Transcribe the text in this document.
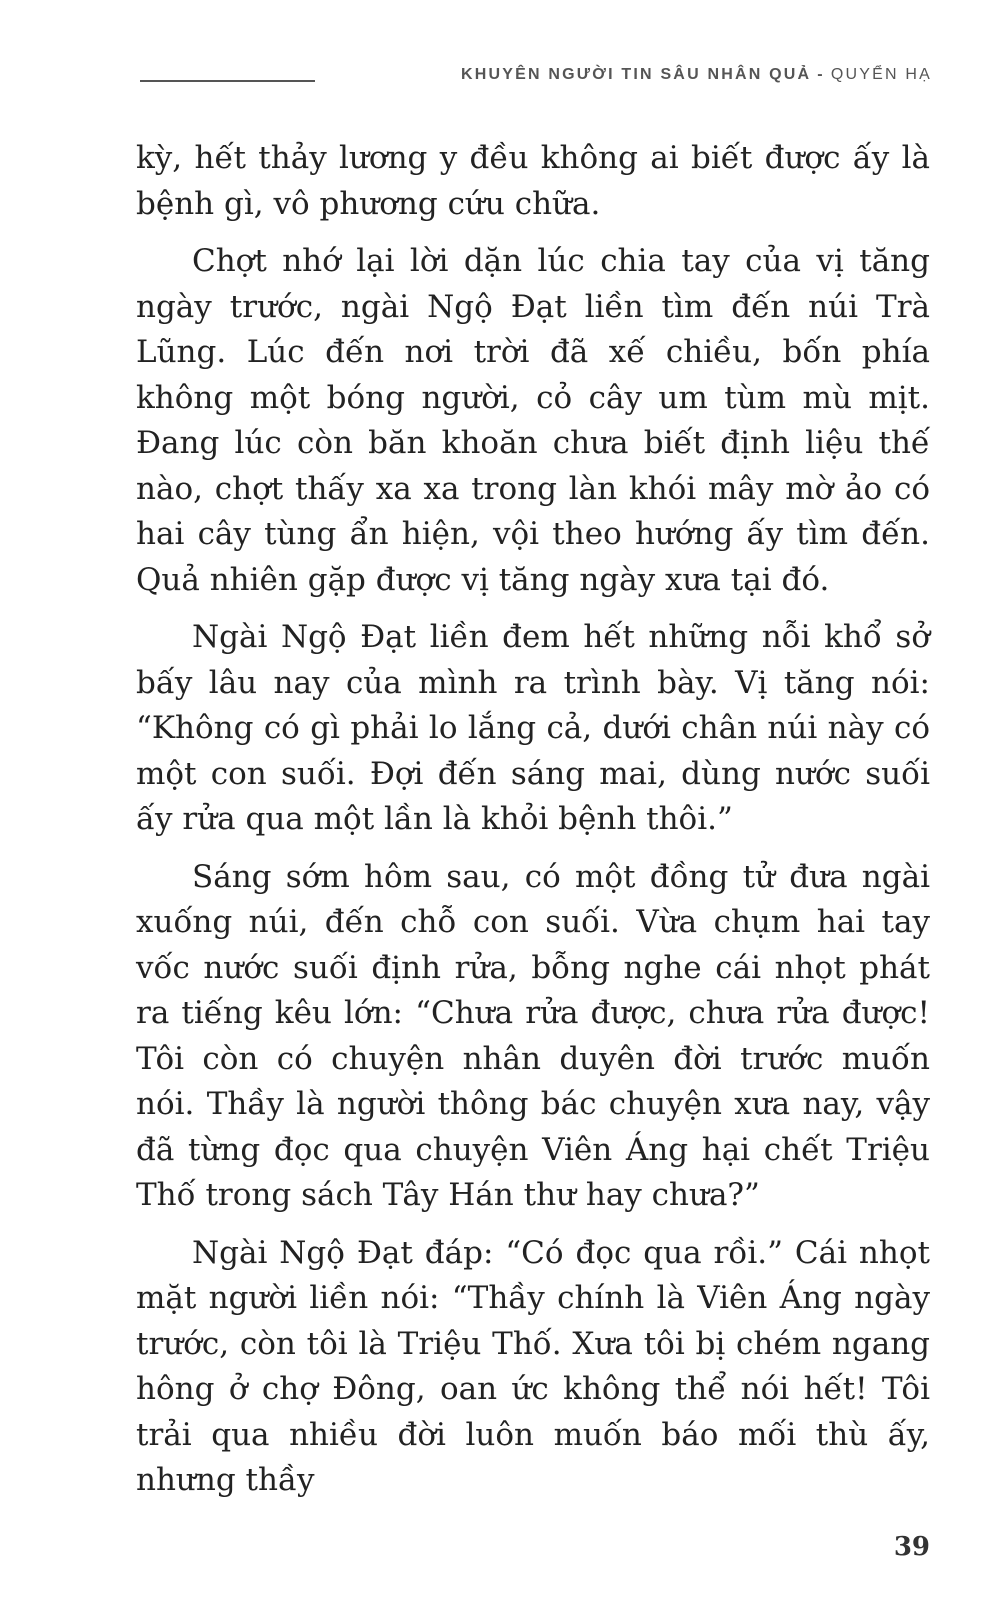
KHUYÊN NGƯỜI TIN SÂU NHÂN QUẢ - QUYỂN HẠ

kỳ, hết thảy lương y đều không ai biết được ấy là bệnh gì, vô phương cứu chữa.

Chợt nhớ lại lời dặn lúc chia tay của vị tăng ngày trước, ngài Ngộ Đạt liền tìm đến núi Trà Lũng. Lúc đến nơi trời đã xế chiều, bốn phía không một bóng người, cỏ cây um tùm mù mịt. Đang lúc còn băn khoăn chưa biết định liệu thế nào, chợt thấy xa xa trong làn khói mây mờ ảo có hai cây tùng ẩn hiện, vội theo hướng ấy tìm đến. Quả nhiên gặp được vị tăng ngày xưa tại đó.

Ngài Ngộ Đạt liền đem hết những nỗi khổ sở bấy lâu nay của mình ra trình bày. Vị tăng nói: “Không có gì phải lo lắng cả, dưới chân núi này có một con suối. Đợi đến sáng mai, dùng nước suối ấy rửa qua một lần là khỏi bệnh thôi.”

Sáng sớm hôm sau, có một đồng tử đưa ngài xuống núi, đến chỗ con suối. Vừa chụm hai tay vốc nước suối định rửa, bỗng nghe cái nhọt phát ra tiếng kêu lớn: “Chưa rửa được, chưa rửa được! Tôi còn có chuyện nhân duyên đời trước muốn nói. Thầy là người thông bác chuyện xưa nay, vậy đã từng đọc qua chuyện Viên Áng hại chết Triệu Thố trong sách Tây Hán thư hay chưa?”

Ngài Ngộ Đạt đáp: “Có đọc qua rồi.” Cái nhọt mặt người liền nói: “Thầy chính là Viên Áng ngày trước, còn tôi là Triệu Thố. Xưa tôi bị chém ngang hông ở chợ Đông, oan ức không thể nói hết! Tôi trải qua nhiều đời luôn muốn báo mối thù ấy, nhưng thầy

39
